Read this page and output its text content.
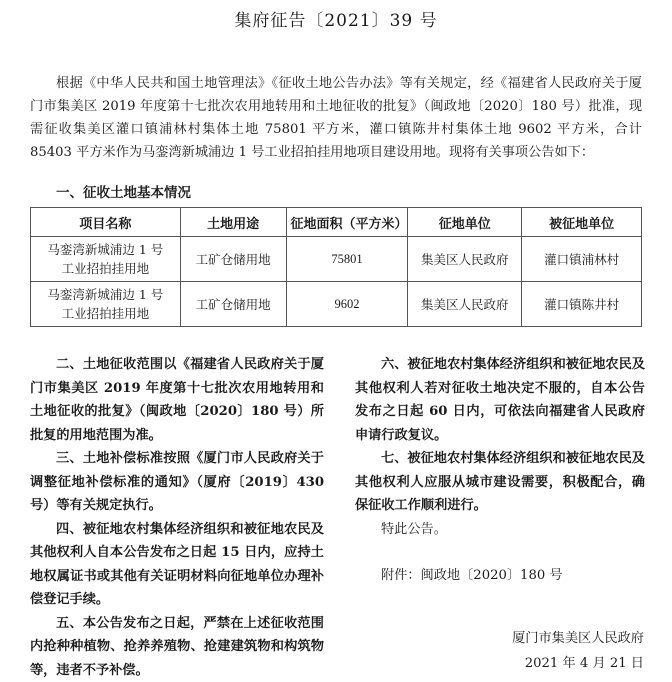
集府征告〔2021〕39 号
根据《中华人民共和国土地管理法》《征收土地公告办法》等有关规定，经《福建省人民政府关于厦门市集美区 2019 年度第十七批次农用地转用和土地征收的批复》（闽政地〔2020〕180 号）批准，现需征收集美区灌口镇浦林村集体土地 75801 平方米，灌口镇陈井村集体土地 9602 平方米，合计 85403 平方米作为马銮湾新城浦边 1 号工业招拍挂用地项目建设用地。现将有关事项公告如下：
一、征收土地基本情况
项目名称	土地用途	征地面积（平方米）	征地单位	被征地单位
马銮湾新城浦边 1 号
工业招拍挂用地	工矿仓储用地	75801	集美区人民政府	灌口镇浦林村
马銮湾新城浦边 1 号
工业招拍挂用地	工矿仓储用地	9602	集美区人民政府	灌口镇陈井村
二、土地征收范围以《福建省人民政府关于厦门市集美区 2019 年度第十七批次农用地转用和土地征收的批复》（闽政地〔2020〕180 号）所批复的用地范围为准。
三、土地补偿标准按照《厦门市人民政府关于调整征地补偿标准的通知》（厦府〔2019〕430 号）等有关规定执行。
四、被征地农村集体经济组织和被征地农民及其他权利人自本公告发布之日起 15 日内，应持土地权属证书或其他有关证明材料向征地单位办理补偿登记手续。
五、本公告发布之日起，严禁在上述征收范围内抢种种植物、抢养养殖物、抢建建筑物和构筑物等，违者不予补偿。
六、被征地农村集体经济组织和被征地农民及其他权利人若对征收土地决定不服的，自本公告发布之日起 60 日内，可依法向福建省人民政府申请行政复议。
七、被征地农村集体经济组织和被征地农民及其他权利人应服从城市建设需要，积极配合，确保征收工作顺利进行。
特此公告。
附件：闽政地〔2020〕180 号
厦门市集美区人民政府
2021 年 4 月 21 日
